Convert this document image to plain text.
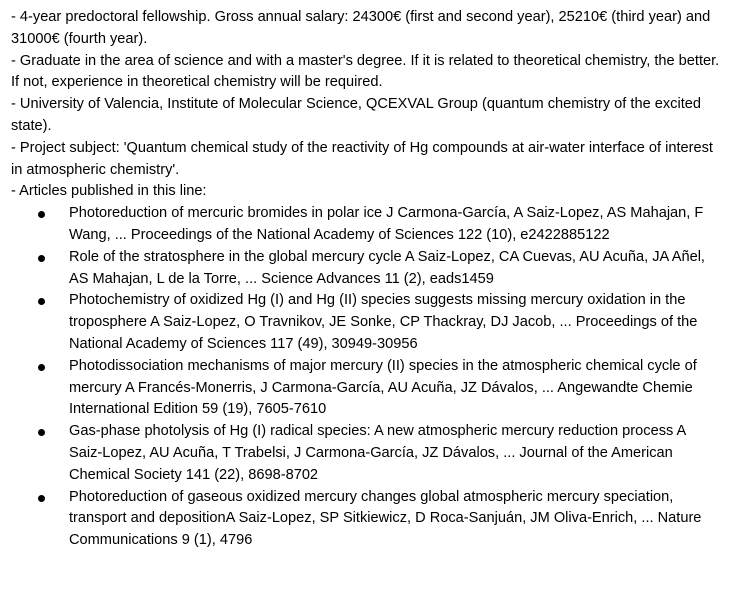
- 4-year predoctoral fellowship. Gross annual salary: 24300€ (first and second year), 25210€ (third year) and 31000€ (fourth year).

- Graduate in the area of science and with a master's degree. If it is related to theoretical chemistry, the better. If not, experience in theoretical chemistry will be required.

- University of Valencia, Institute of Molecular Science, QCEXVAL Group (quantum chemistry of the excited state).

- Project subject: 'Quantum chemical study of the reactivity of Hg compounds at air-water interface of interest in atmospheric chemistry'.

- Articles published in this line:

Photoreduction of mercuric bromides in polar ice J Carmona-García, A Saiz-Lopez, AS Mahajan, F Wang, ... Proceedings of the National Academy of Sciences 122 (10), e2422885122
Role of the stratosphere in the global mercury cycle A Saiz-Lopez, CA Cuevas, AU Acuña, JA Añel, AS Mahajan, L de la Torre, ... Science Advances 11 (2), eads1459
Photochemistry of oxidized Hg (I) and Hg (II) species suggests missing mercury oxidation in the troposphere A Saiz-Lopez, O Travnikov, JE Sonke, CP Thackray, DJ Jacob, ... Proceedings of the National Academy of Sciences 117 (49), 30949-30956
Photodissociation mechanisms of major mercury (II) species in the atmospheric chemical cycle of mercury A Francés-Monerris, J Carmona-García, AU Acuña, JZ Dávalos, ... Angewandte Chemie International Edition 59 (19), 7605-7610
Gas-phase photolysis of Hg (I) radical species: A new atmospheric mercury reduction process A Saiz-Lopez, AU Acuña, T Trabelsi, J Carmona-García, JZ Dávalos, ... Journal of the American Chemical Society 141 (22), 8698-8702
Photoreduction of gaseous oxidized mercury changes global atmospheric mercury speciation, transport and depositionA Saiz-Lopez, SP Sitkiewicz, D Roca-Sanjuán, JM Oliva-Enrich, ... Nature Communications 9 (1), 4796
